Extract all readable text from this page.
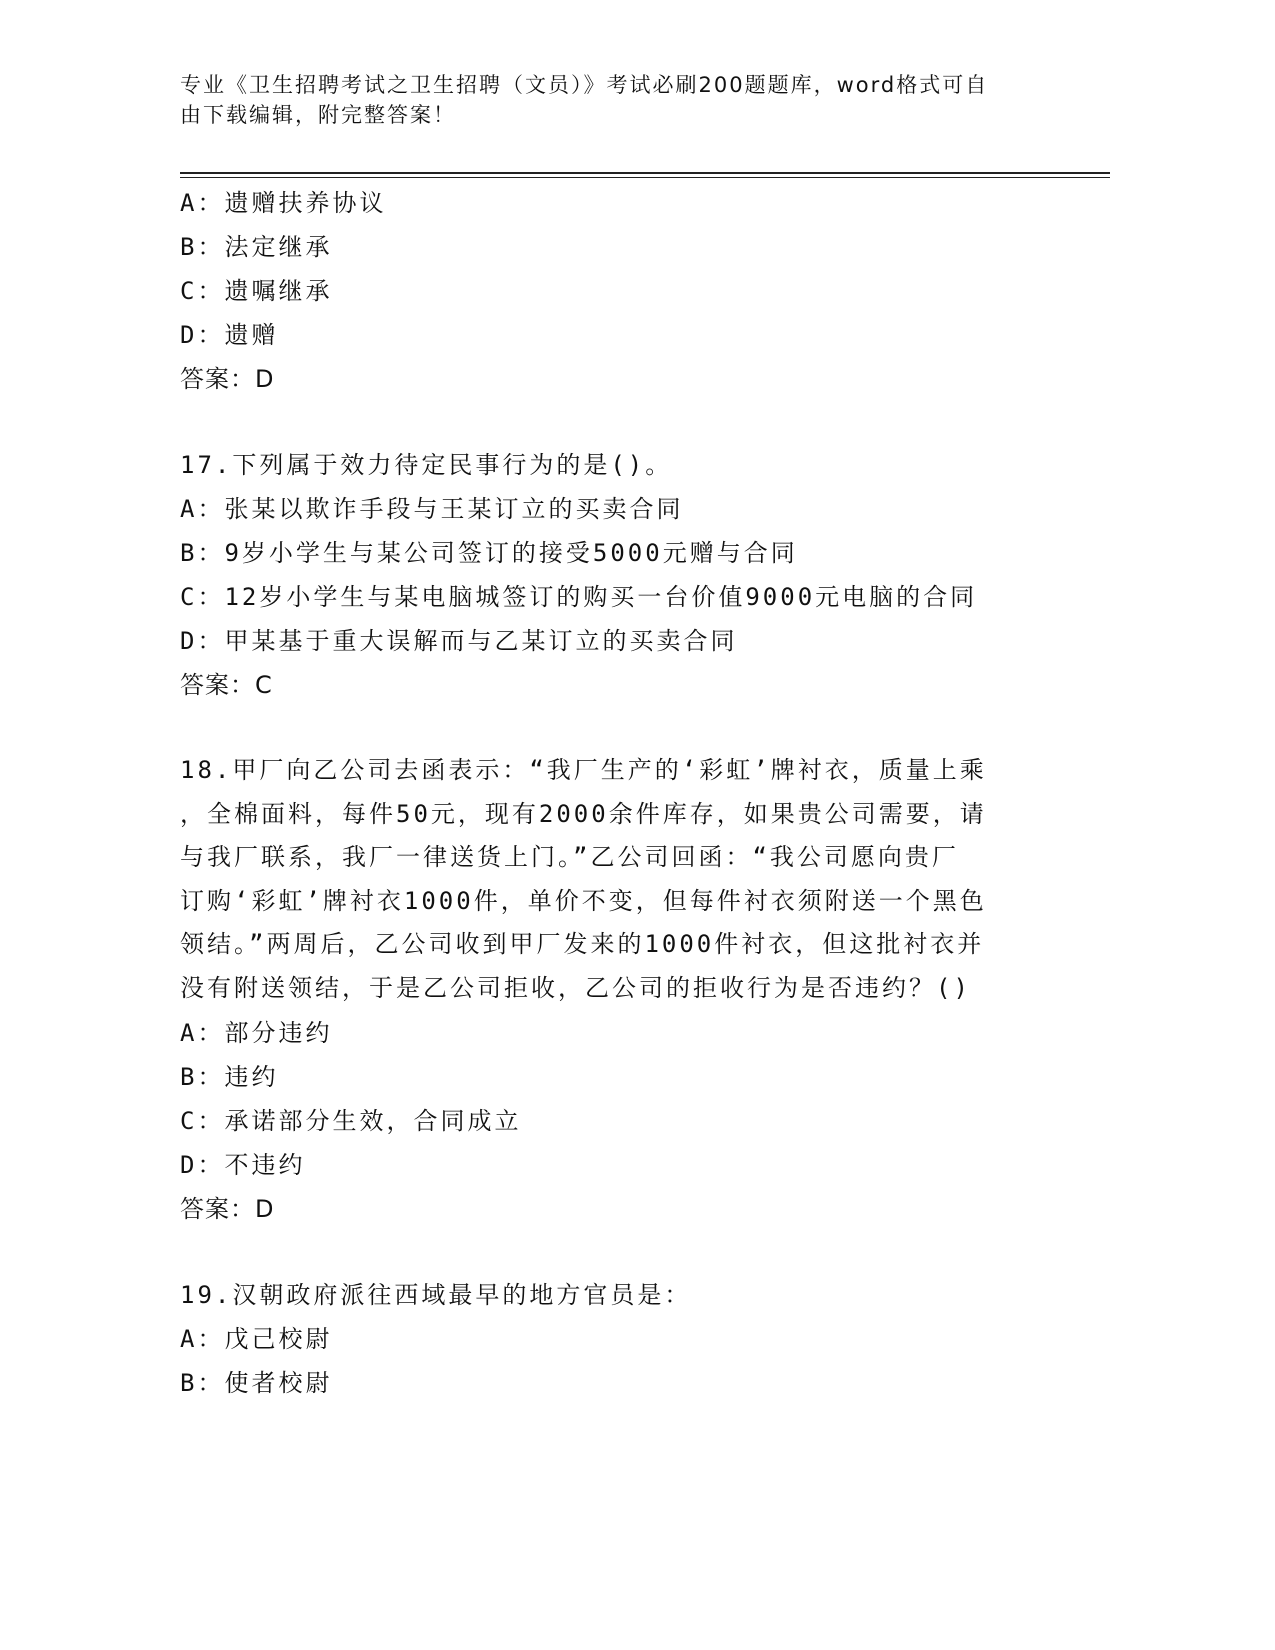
专业《卫生招聘考试之卫生招聘（文员）》考试必刷200题题库，word格式可自
由下载编辑，附完整答案！
A：遗赠扶养协议
B：法定继承
C：遗嘱继承
D：遗赠
答案：D
17.下列属于效力待定民事行为的是()。
A：张某以欺诈手段与王某订立的买卖合同
B：9岁小学生与某公司签订的接受5000元赠与合同
C：12岁小学生与某电脑城签订的购买一台价值9000元电脑的合同
D：甲某基于重大误解而与乙某订立的买卖合同
答案：C
18.甲厂向乙公司去函表示：“我厂生产的‘彩虹’牌衬衣，质量上乘
，全棉面料，每件50元，现有2000余件库存，如果贵公司需要，请
与我厂联系，我厂一律送货上门。”乙公司回函：“我公司愿向贵厂
订购‘彩虹’牌衬衣1000件，单价不变，但每件衬衣须附送一个黑色
领结。”两周后，乙公司收到甲厂发来的1000件衬衣，但这批衬衣并
没有附送领结，于是乙公司拒收，乙公司的拒收行为是否违约？()
A：部分违约
B：违约
C：承诺部分生效，合同成立
D：不违约
答案：D
19.汉朝政府派往西域最早的地方官员是：
A：戊己校尉
B：使者校尉
